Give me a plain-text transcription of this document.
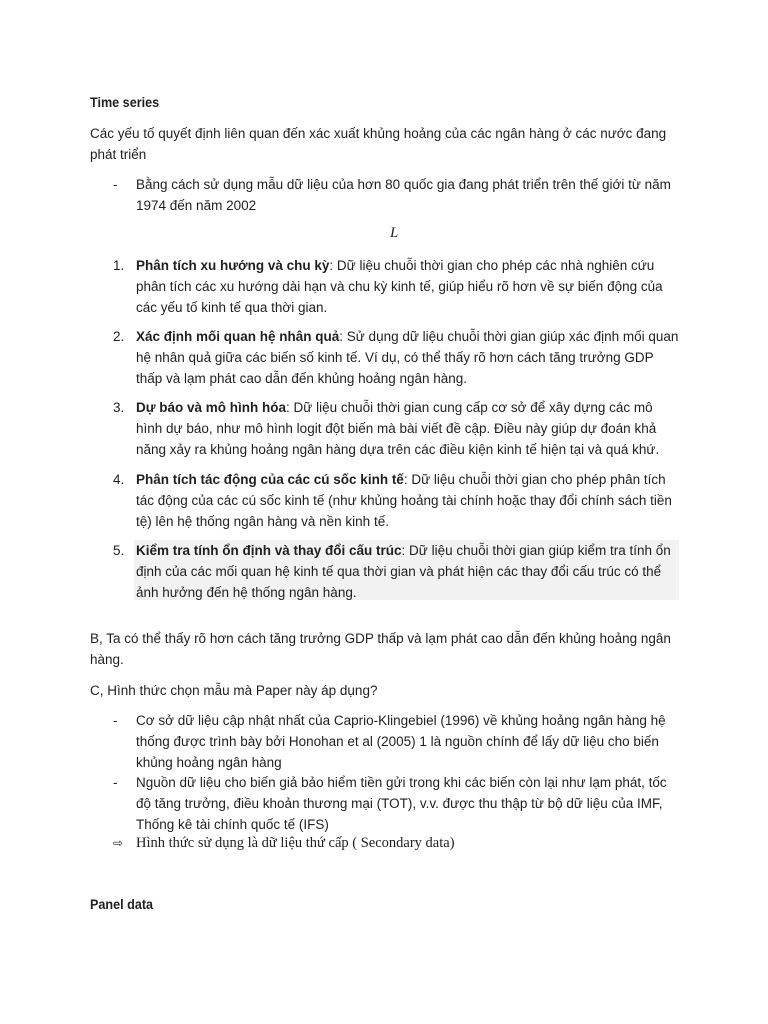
Time series
Các yếu tố quyết định liên quan đến xác xuất khủng hoảng của các ngân hàng ở các nước đang phát triển
- Bằng cách sử dụng mẫu dữ liệu của hơn 80 quốc gia đang phát triển trên thế giới từ năm 1974 đến năm 2002
L
1. Phân tích xu hướng và chu kỳ: Dữ liệu chuỗi thời gian cho phép các nhà nghiên cứu phân tích các xu hướng dài hạn và chu kỳ kinh tế, giúp hiểu rõ hơn về sự biến động của các yếu tố kinh tế qua thời gian.
2. Xác định mối quan hệ nhân quả: Sử dụng dữ liệu chuỗi thời gian giúp xác định mối quan hệ nhân quả giữa các biến số kinh tế. Ví dụ, có thể thấy rõ hơn cách tăng trưởng GDP thấp và lạm phát cao dẫn đến khủng hoảng ngân hàng.
3. Dự báo và mô hình hóa: Dữ liệu chuỗi thời gian cung cấp cơ sở để xây dựng các mô hình dự báo, như mô hình logit đột biến mà bài viết đề cập. Điều này giúp dự đoán khả năng xảy ra khủng hoảng ngân hàng dựa trên các điều kiện kinh tế hiện tại và quá khứ.
4. Phân tích tác động của các cú sốc kinh tế: Dữ liệu chuỗi thời gian cho phép phân tích tác động của các cú sốc kinh tế (như khủng hoảng tài chính hoặc thay đổi chính sách tiền tệ) lên hệ thống ngân hàng và nền kinh tế.
5. Kiểm tra tính ổn định và thay đổi cấu trúc: Dữ liệu chuỗi thời gian giúp kiểm tra tính ổn định của các mối quan hệ kinh tế qua thời gian và phát hiện các thay đổi cấu trúc có thể ảnh hưởng đến hệ thống ngân hàng.
B, Ta có thể thấy rõ hơn cách tăng trưởng GDP thấp và lạm phát cao dẫn đến khủng hoảng ngân hàng.
C, Hình thức chọn mẫu mà Paper này áp dụng?
- Cơ sở dữ liệu cập nhật nhất của Caprio-Klingebiel (1996) về khủng hoảng ngân hàng hệ thống được trình bày bởi Honohan et al (2005) 1 là nguồn chính để lấy dữ liệu cho biến khủng hoảng ngân hàng
- Nguồn dữ liệu cho biến giả bảo hiểm tiền gửi trong khi các biến còn lại như lạm phát, tốc độ tăng trưởng, điều khoản thương mại (TOT), v.v. được thu thập từ bộ dữ liệu của IMF, Thống kê tài chính quốc tế (IFS)
⇨ Hình thức sử dụng là dữ liệu thứ cấp ( Secondary data)
Panel data
